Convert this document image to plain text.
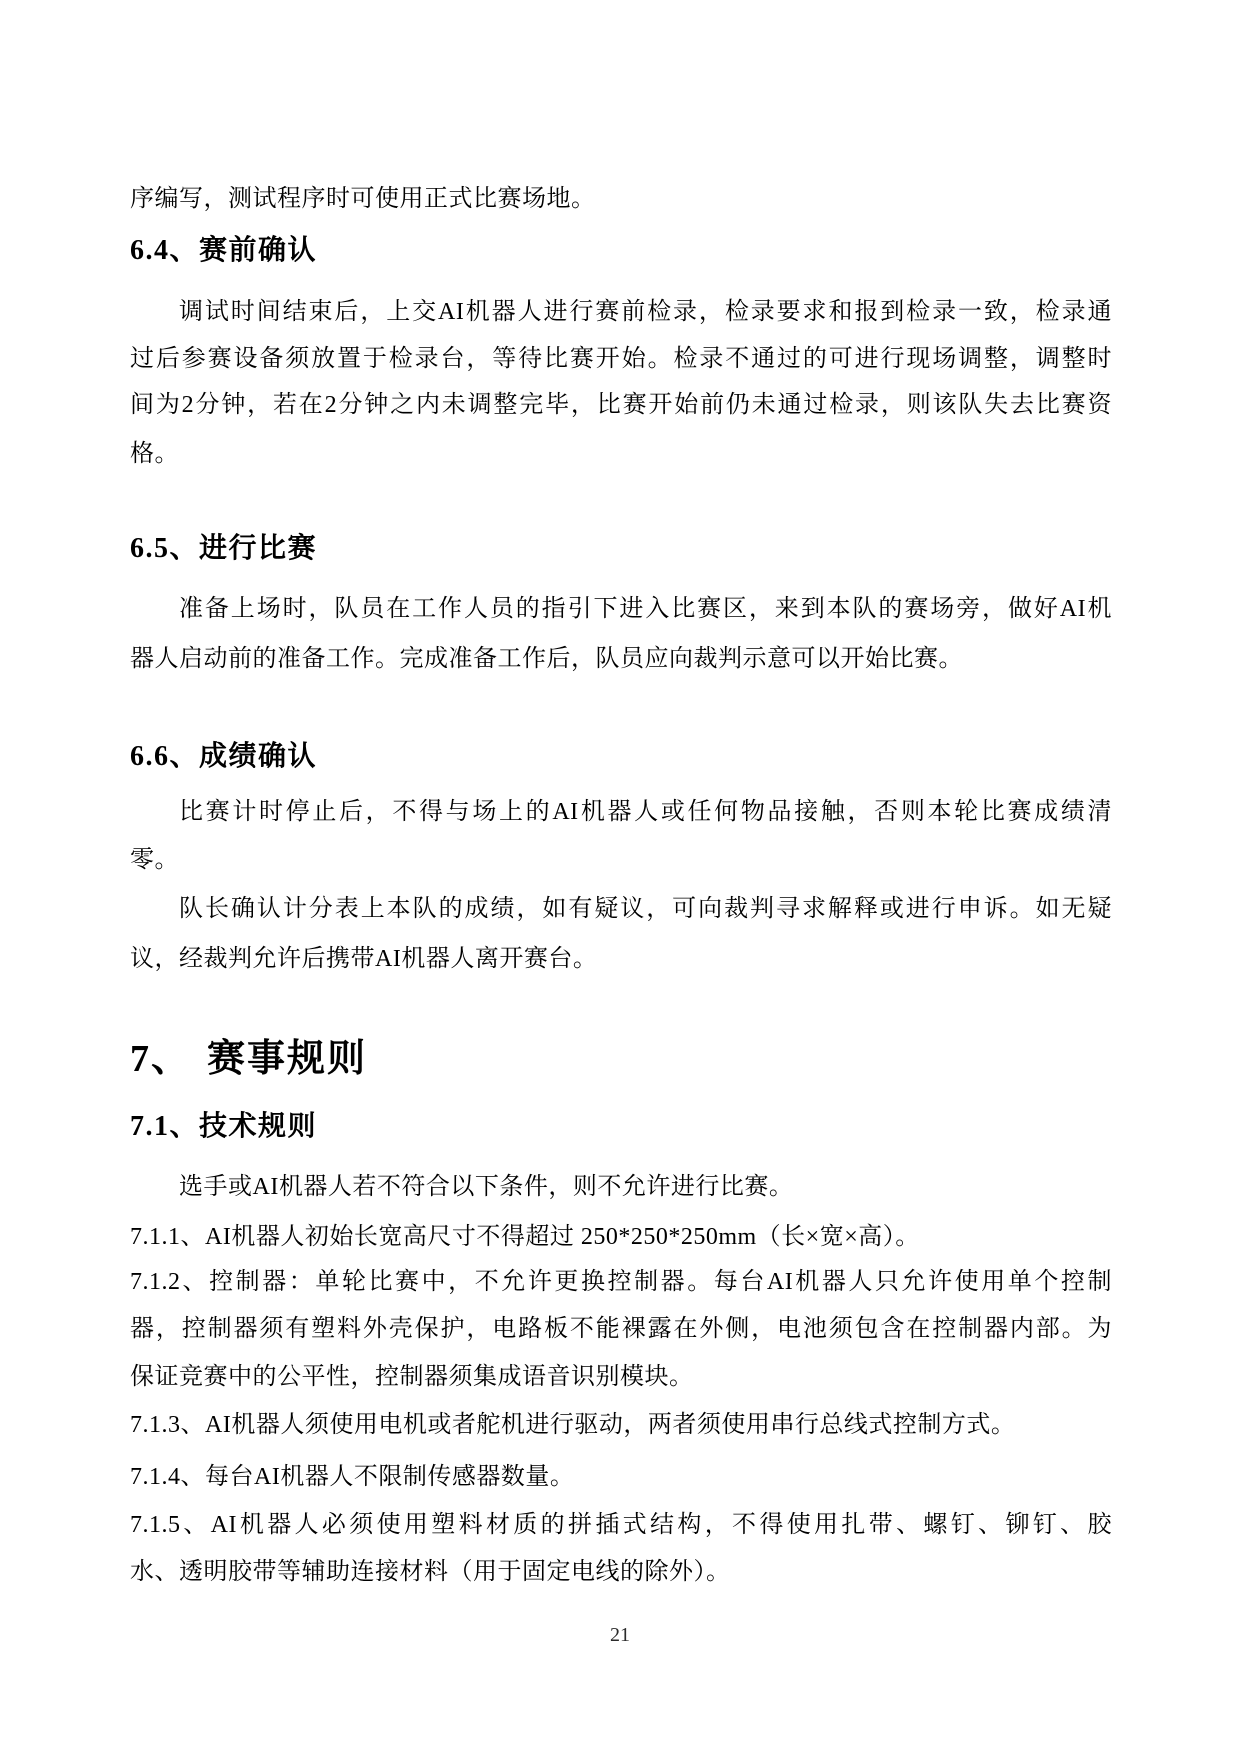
序编写，测试程序时可使用正式比赛场地。
6.4、赛前确认
调试时间结束后，上交AI机器人进行赛前检录，检录要求和报到检录一致，检录通
过后参赛设备须放置于检录台，等待比赛开始。检录不通过的可进行现场调整，调整时
间为2分钟，若在2分钟之内未调整完毕，比赛开始前仍未通过检录，则该队失去比赛资
格。
6.5、进行比赛
准备上场时，队员在工作人员的指引下进入比赛区，来到本队的赛场旁，做好AI机
器人启动前的准备工作。完成准备工作后，队员应向裁判示意可以开始比赛。
6.6、成绩确认
比赛计时停止后，不得与场上的AI机器人或任何物品接触，否则本轮比赛成绩清
零。
队长确认计分表上本队的成绩，如有疑议，可向裁判寻求解释或进行申诉。如无疑
议，经裁判允许后携带AI机器人离开赛台。
7、 赛事规则
7.1、技术规则
选手或AI机器人若不符合以下条件，则不允许进行比赛。
7.1.1、AI机器人初始长宽高尺寸不得超过 250*250*250mm（长×宽×高）。
7.1.2、控制器：单轮比赛中，不允许更换控制器。每台AI机器人只允许使用单个控制
器，控制器须有塑料外壳保护，电路板不能裸露在外侧，电池须包含在控制器内部。为
保证竞赛中的公平性，控制器须集成语音识别模块。
7.1.3、AI机器人须使用电机或者舵机进行驱动，两者须使用串行总线式控制方式。
7.1.4、每台AI机器人不限制传感器数量。
7.1.5、AI机器人必须使用塑料材质的拼插式结构，不得使用扎带、螺钉、铆钉、胶
水、透明胶带等辅助连接材料（用于固定电线的除外）。
21
